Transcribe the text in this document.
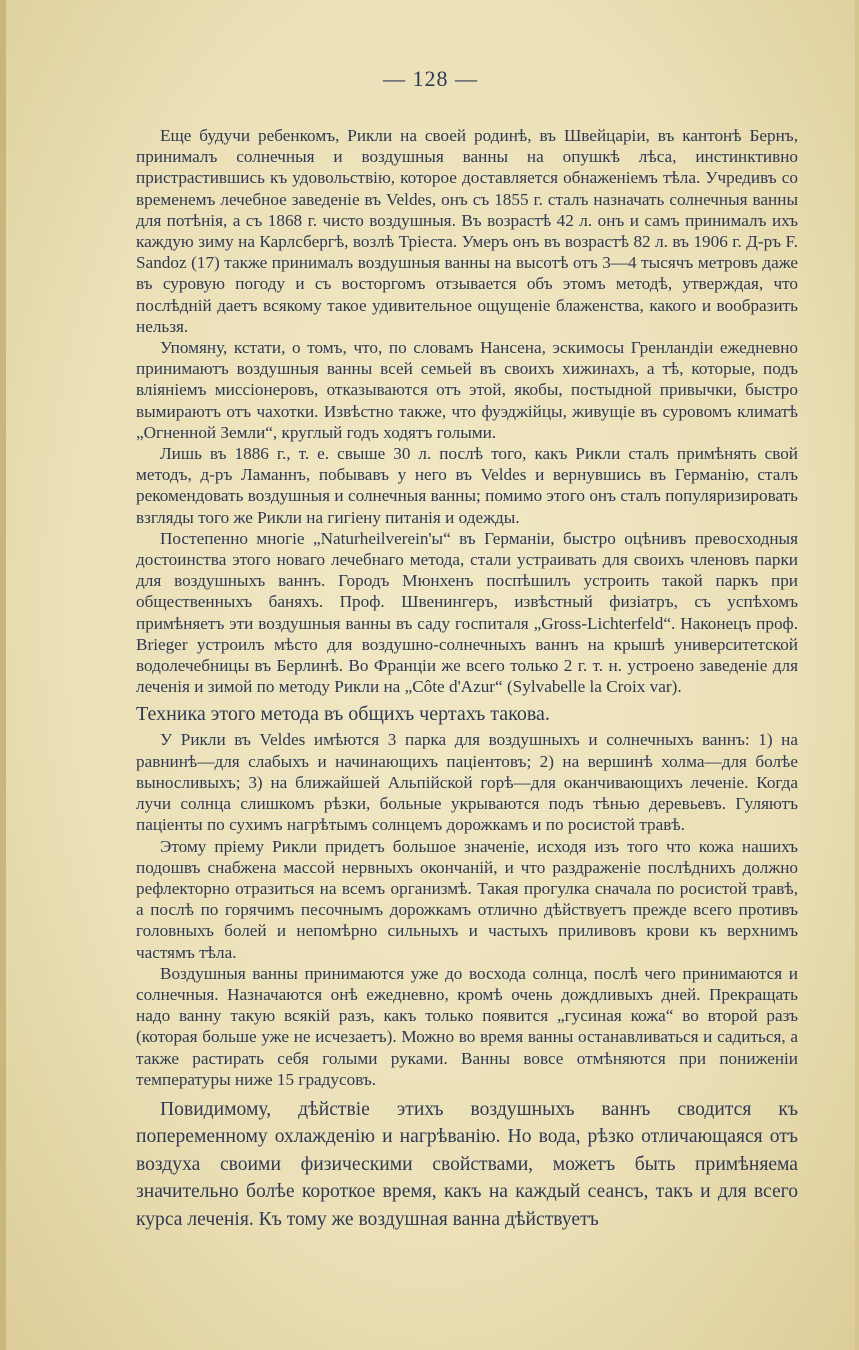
— 128 —

Еще будучи ребенкомъ, Рикли на своей родинѣ, въ Швейцаріи, въ кантонѣ Бернъ, принималъ солнечныя и воздушныя ванны на опушкѣ лѣса, инстинктивно пристрастившись къ удовольствію, которое доставляется обнаженіемъ тѣла. Учредивъ со временемъ лечебное заведеніе въ Veldes, онъ съ 1855 г. сталъ назначать солнечныя ванны для потѣнія, а съ 1868 г. чисто воздушныя. Въ возрастѣ 42 л. онъ и самъ принималъ ихъ каждую зиму на Карлсбергѣ, возлѣ Тріеста. Умеръ онъ въ возрастѣ 82 л. въ 1906 г. Д-ръ F. Sandoz (17) также принималъ воздушныя ванны на высотѣ отъ 3—4 тысячъ метровъ даже въ суровую погоду и съ восторгомъ отзывается объ этомъ методѣ, утверждая, что послѣдній даетъ всякому такое удивительное ощущеніе блаженства, какого и вообразить нельзя.

Упомяну, кстати, о томъ, что, по словамъ Нансена, эскимосы Гренландіи ежедневно принимаютъ воздушныя ванны всей семьей въ своихъ хижинахъ, а тѣ, которые, подъ вліяніемъ миссіонеровъ, отказываются отъ этой, якобы, постыдной привычки, быстро вымираютъ отъ чахотки. Извѣстно также, что фуэджійцы, живущіе въ суровомъ климатѣ „Огненной Земли“, круглый годъ ходятъ голыми.

Лишь въ 1886 г., т. е. свыше 30 л. послѣ того, какъ Рикли сталъ примѣнять свой методъ, д-ръ Ламаннъ, побывавъ у него въ Veldes и вернувшись въ Германію, сталъ рекомендовать воздушныя и солнечныя ванны; помимо этого онъ сталъ популяризировать взгляды того же Рикли на гигіену питанія и одежды.

Постепенно многіе „Naturheilverein'ы“ въ Германіи, быстро оцѣнивъ превосходныя достоинства этого новаго лечебнаго метода, стали устраивать для своихъ членовъ парки для воздушныхъ ваннъ. Городъ Мюнхенъ поспѣшилъ устроить такой паркъ при общественныхъ баняхъ. Проф. Швенингеръ, извѣстный физіатръ, съ успѣхомъ примѣняетъ эти воздушныя ванны въ саду госпиталя „Gross-Lichterfeld“. Наконецъ проф. Brieger устроилъ мѣсто для воздушно-солнечныхъ ваннъ на крышѣ университетской водолечебницы въ Берлинѣ. Во Франціи же всего только 2 г. т. н. устроено заведеніе для леченія и зимой по методу Рикли на „Côte d'Azur“ (Sylvabelle la Croix var).

Техника этого метода въ общихъ чертахъ такова.

У Рикли въ Veldes имѣются 3 парка для воздушныхъ и солнечныхъ ваннъ: 1) на равнинѣ—для слабыхъ и начинающихъ паціентовъ; 2) на вершинѣ холма—для болѣе выносливыхъ; 3) на ближайшей Альпійской горѣ—для оканчивающихъ леченіе. Когда лучи солнца слишкомъ рѣзки, больные укрываются подъ тѣнью деревьевъ. Гуляютъ паціенты по сухимъ нагрѣтымъ солнцемъ дорожкамъ и по росистой травѣ.

Этому пріему Рикли придетъ большое значеніе, исходя изъ того что кожа нашихъ подошвъ снабжена массой нервныхъ окончаній, и что раздраженіе послѣднихъ должно рефлекторно отразиться на всемъ организмѣ. Такая прогулка сначала по росистой травѣ, а послѣ по горячимъ песочнымъ дорожкамъ отлично дѣйствуетъ прежде всего противъ головныхъ болей и непомѣрно сильныхъ и частыхъ приливовъ крови къ верхнимъ частямъ тѣла.

Воздушныя ванны принимаются уже до восхода солнца, послѣ чего принимаются и солнечныя. Назначаются онѣ ежедневно, кромѣ очень дождливыхъ дней. Прекращать надо ванну такую всякій разъ, какъ только появится „гусиная кожа“ во второй разъ (которая больше уже не исчезаетъ). Можно во время ванны останавливаться и садиться, а также растирать себя голыми руками. Ванны вовсе отмѣняются при пониженіи температуры ниже 15 градусовъ.

Повидимому, дѣйствіе этихъ воздушныхъ ваннъ сводится къ попеременному охлажденію и нагрѣванію. Но вода, рѣзко отличающаяся отъ воздуха своими физическими свойствами, можетъ быть примѣняема значительно болѣе короткое время, какъ на каждый сеансъ, такъ и для всего курса леченія. Къ тому же воздушная ванна дѣйствуетъ
